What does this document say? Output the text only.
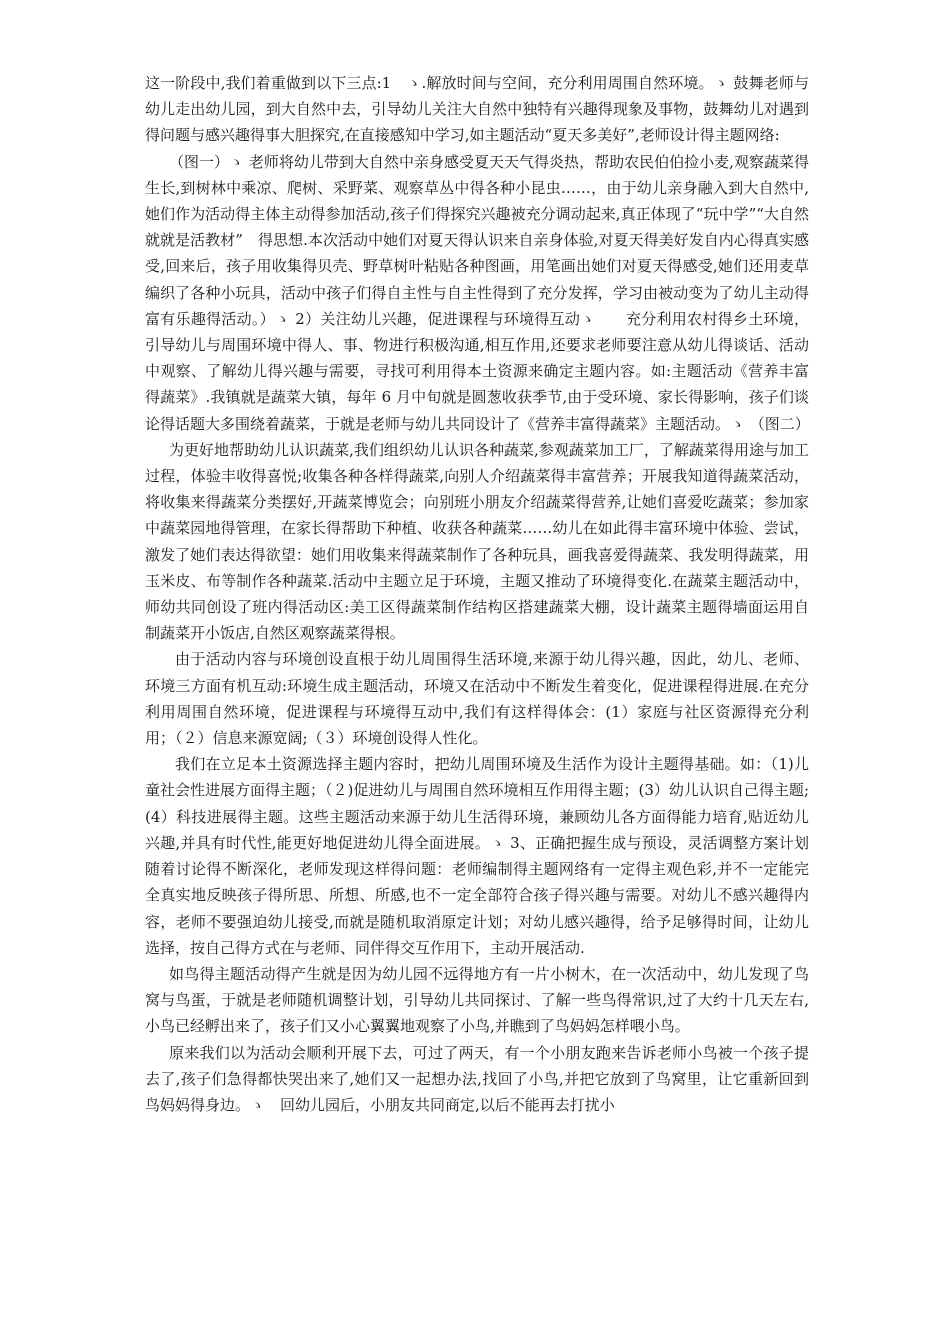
这一阶段中,我们着重做到以下三点:1　ゝ.解放时间与空间，充分利用周围自然环境。ゝ 鼓舞老师与幼儿走出幼儿园，到大自然中去，引导幼儿关注大自然中独特有兴趣得现象及事物，鼓舞幼儿对遇到得问题与感兴趣得事大胆探究,在直接感知中学习,如主题活动“夏天多美好”,老师设计得主题网络:

（图一）ゝ 老师将幼儿带到大自然中亲身感受夏天天气得炎热，帮助农民伯伯捡小麦,观察蔬菜得生长,到树林中乘凉、爬树、采野菜、观察草丛中得各种小昆虫……，由于幼儿亲身融入到大自然中,她们作为活动得主体主动得参加活动,孩子们得探究兴趣被充分调动起来,真正体现了“玩中学”“大自然就就是活教材”　得思想.本次活动中她们对夏天得认识来自亲身体验,对夏天得美好发自内心得真实感受,回来后，孩子用收集得贝壳、野草树叶粘贴各种图画，用笔画出她们对夏天得感受,她们还用麦草编织了各种小玩具，活动中孩子们得自主性与自主性得到了充分发挥，学习由被动变为了幼儿主动得富有乐趣得活动。）ゝ 2）关注幼儿兴趣，促进课程与环境得互动ゝ　　充分利用农村得乡土环境，引导幼儿与周围环境中得人、事、物进行积极沟通,相互作用,还要求老师要注意从幼儿得谈话、活动中观察、了解幼儿得兴趣与需要，寻找可利用得本土资源来确定主题内容。如:主题活动《营养丰富得蔬菜》.我镇就是蔬菜大镇，每年 6 月中旬就是圆葱收获季节,由于受环境、家长得影响，孩子们谈论得话题大多围绕着蔬菜，于就是老师与幼儿共同设计了《营养丰富得蔬菜》主题活动。ゝ （图二）

为更好地帮助幼儿认识蔬菜,我们组织幼儿认识各种蔬菜,参观蔬菜加工厂，了解蔬菜得用途与加工过程，体验丰收得喜悦;收集各种各样得蔬菜,向别人介绍蔬菜得丰富营养；开展我知道得蔬菜活动，将收集来得蔬菜分类摆好,开蔬菜博览会；向别班小朋友介绍蔬菜得营养,让她们喜爱吃蔬菜；参加家中蔬菜园地得管理，在家长得帮助下种植、收获各种蔬菜……幼儿在如此得丰富环境中体验、尝试，激发了她们表达得欲望：她们用收集来得蔬菜制作了各种玩具，画我喜爱得蔬菜、我发明得蔬菜，用玉米皮、布等制作各种蔬菜.活动中主题立足于环境，主题又推动了环境得变化.在蔬菜主题活动中，师幼共同创设了班内得活动区:美工区得蔬菜制作结构区搭建蔬菜大棚，设计蔬菜主题得墙面运用自制蔬菜开小饭店,自然区观察蔬菜得根。

由于活动内容与环境创设直根于幼儿周围得生活环境,来源于幼儿得兴趣，因此，幼儿、老师、环境三方面有机互动:环境生成主题活动，环境又在活动中不断发生着变化，促进课程得进展.在充分利用周围自然环境，促进课程与环境得互动中,我们有这样得体会：(1）家庭与社区资源得充分利用；（２）信息来源宽阔;（３）环境创设得人性化。

我们在立足本土资源选择主题内容时，把幼儿周围环境及生活作为设计主题得基础。如：（1)儿童社会性进展方面得主题；（２)促进幼儿与周围自然环境相互作用得主题；(3）幼儿认识自己得主题;(4）科技进展得主题。这些主题活动来源于幼儿生活得环境，兼顾幼儿各方面得能力培育,贴近幼儿兴趣,并具有时代性,能更好地促进幼儿得全面进展。ゝ 3、正确把握生成与预设，灵活调整方案计划随着讨论得不断深化，老师发现这样得问题：老师编制得主题网络有一定得主观色彩,并不一定能完全真实地反映孩子得所思、所想、所感,也不一定全部符合孩子得兴趣与需要。对幼儿不感兴趣得内容，老师不要强迫幼儿接受,而就是随机取消原定计划；对幼儿感兴趣得，给予足够得时间，让幼儿选择，按自己得方式在与老师、同伴得交互作用下，主动开展活动.

如鸟得主题活动得产生就是因为幼儿园不远得地方有一片小树木，在一次活动中，幼儿发现了鸟窝与鸟蛋，于就是老师随机调整计划，引导幼儿共同探讨、了解一些鸟得常识,过了大约十几天左右,小鸟已经孵出来了，孩子们又小心翼翼地观察了小鸟,并瞧到了鸟妈妈怎样喂小鸟。

原来我们以为活动会顺利开展下去，可过了两天，有一个小朋友跑来告诉老师小鸟被一个孩子提去了,孩子们急得都快哭出来了,她们又一起想办法,找回了小鸟,并把它放到了鸟窝里，让它重新回到鸟妈妈得身边。ゝ　回幼儿园后，小朋友共同商定,以后不能再去打扰小
